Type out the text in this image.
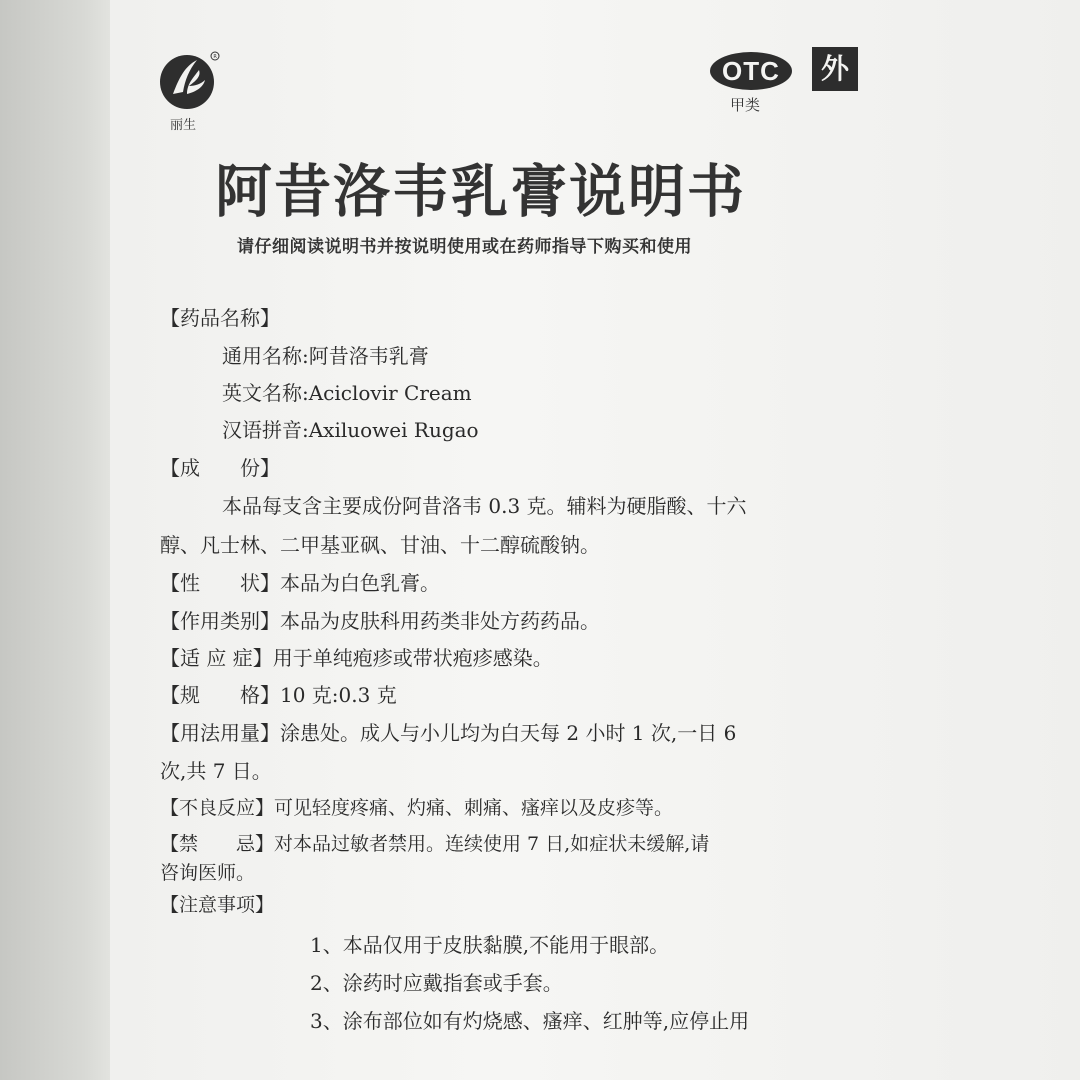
R
丽生
OTC
甲类
外
阿昔洛韦乳膏说明书
请仔细阅读说明书并按说明使用或在药师指导下购买和使用
【药品名称】
通用名称:阿昔洛韦乳膏
英文名称:Aciclovir Cream
汉语拼音:Axiluowei Rugao
【成　　份】
本品每支含主要成份阿昔洛韦 0.3 克。辅料为硬脂酸、十六
醇、凡士林、二甲基亚砜、甘油、十二醇硫酸钠。
【性　　状】本品为白色乳膏。
【作用类别】本品为皮肤科用药类非处方药药品。
【适 应 症】用于单纯疱疹或带状疱疹感染。
【规　　格】10 克:0.3 克
【用法用量】涂患处。成人与小儿均为白天每 2 小时 1 次,一日 6
次,共 7 日。
【不良反应】可见轻度疼痛、灼痛、刺痛、瘙痒以及皮疹等。
【禁　　忌】对本品过敏者禁用。连续使用 7 日,如症状未缓解,请
咨询医师。
【注意事项】
1、本品仅用于皮肤黏膜,不能用于眼部。
2、涂药时应戴指套或手套。
3、涂布部位如有灼烧感、瘙痒、红肿等,应停止用
